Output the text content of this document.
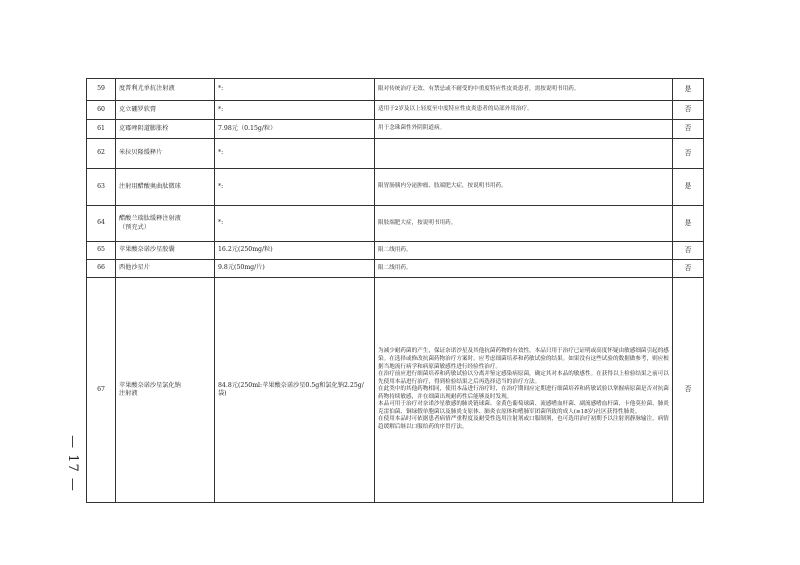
— 17 —
59	度普利尤单抗注射液	*:	限对传统治疗无效、有禁忌或不耐受的中重度特应性皮炎患者，需按说明书用药。	是

60	克立硼罗软膏	*:	适用于2岁及以上轻度至中度特应性皮炎患者的局部外用治疗。	否

61	克霉唑阴道膨胀栓	7.98元（0.15g/粒）	用于念珠菌性外阴阴道病。	否

62	米拉贝隆缓释片	*:		否

63	注射用醋酸奥曲肽微球	*:	限胃肠胰内分泌肿瘤、肢端肥大症，按说明书用药。	是

64	醋酸兰瑞肽缓释注射液
（预充式）	*:	限肢端肥大症，按说明书用药。	是

65	苹果酸奈诺沙星胶囊	16.2元(250mg/粒)	限二线用药。	否

66	西他沙星片	9.8元(50mg/片)	限二线用药。	否

67	苹果酸奈诺沙星氯化钠
注射液	84.8元(250ml:苹果酸奈诺沙星0.5g和氯化钠2.25g/袋)	为减少耐药菌的产生，保证奈诺沙星及其他抗菌药物的有效性，本品只用于治疗已证明或高度怀疑由敏感细菌引起的感染。在选择或修改抗菌药物治疗方案时，应考虑细菌培养和药敏试验的结果。如果没有这些试验的数据做参考，则应根据当地流行病学和病原菌敏感性进行经验性治疗。
在治疗前应进行细菌培养和药敏试验以分离并鉴定感染病原菌，确定其对本品的敏感性。在获得以上检验结果之前可以先使用本品进行治疗，得到检验结果之后再选择适当的治疗方法。
在此类中的其他药物相同，使用本品进行治疗时，在治疗期间应定期进行细菌培养和药敏试验以掌握病原菌是否对抗菌药物持续敏感，并在细菌出现耐药性后能够及时发现。
本品可用于治疗对奈诺沙星敏感的肺炎链球菌、金黄色葡萄球菌、流感嗜血杆菌、副流感嗜血杆菌、卡他莫拉菌、肺炎克雷伯菌、铜绿假单胞菌以及肺炎支原体、肺炎衣原体和嗜肺军团菌所致的成人(≥18岁)社区获得性肺炎。
在使用本品时可依据患者病情严重程度及耐受性选用注射剂或口服制剂，也可选用治疗初期予以注射剂静脉输注，病情趋缓解后继以口服给药的序贯疗法。	否
